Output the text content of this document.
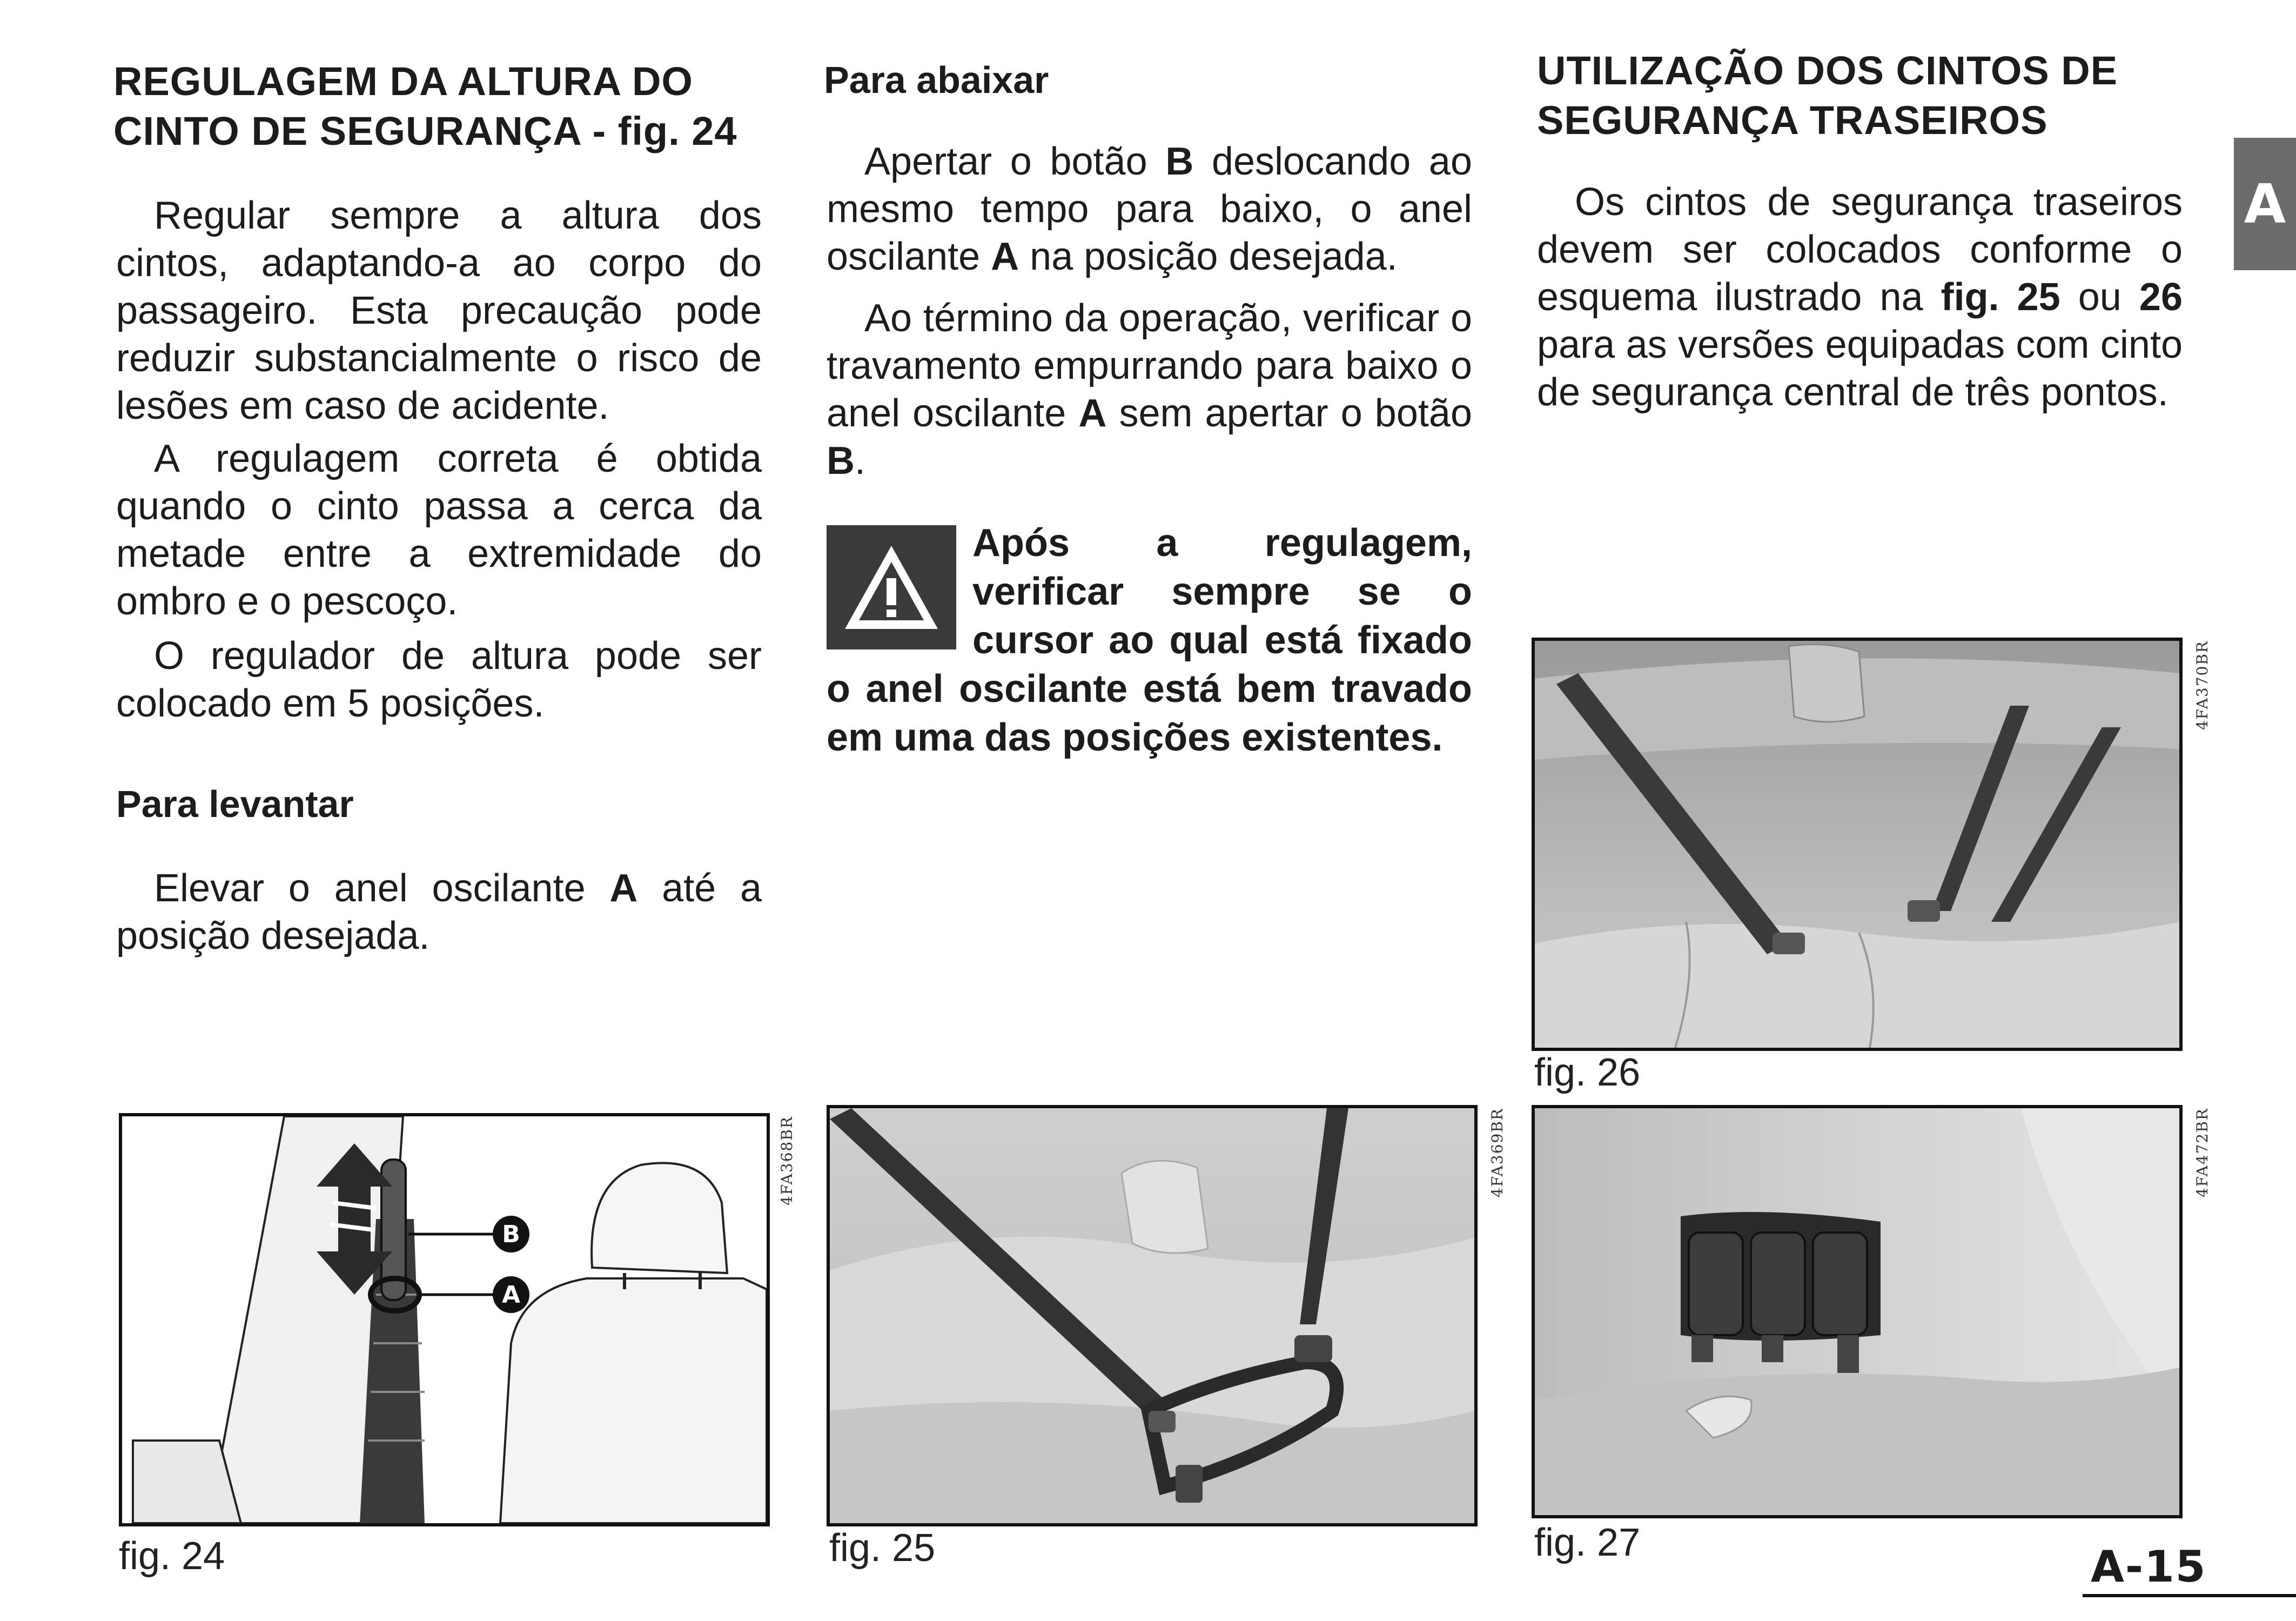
REGULAGEM DA ALTURA DO CINTO DE SEGURANÇA - fig. 24

Regular sempre a altura dos cintos, adaptando-a ao corpo do passageiro. Esta precaução pode reduzir substancialmente o risco de lesões em caso de acidente.

A regulagem correta é obtida quando o cinto passa a cerca da metade entre a extremidade do ombro e o pescoço.

O regulador de altura pode ser colocado em 5 posições.

Para levantar

Elevar o anel oscilante A até a posição desejada.

Para abaixar

Apertar o botão B deslocando ao mesmo tempo para baixo, o anel oscilante A na posição desejada.

Ao término da operação, verificar o travamento empurrando para baixo o anel oscilante A sem apertar o botão B.

Após a regulagem, verificar sempre se o cursor ao qual está fixado o anel oscilante está bem travado em uma das posições existentes.
UTILIZAÇÃO DOS CINTOS DE SEGURANÇA TRASEIROS

Os cintos de segurança traseiros devem ser colocados conforme o esquema ilustrado na fig. 25 ou 26 para as versões equipadas com cinto de segurança central de três pontos.

A
B
A

fig. 24

4FA368BR

fig. 25

4FA369BR

fig. 26

4FA370BR

fig. 27

4FA472BR
A-15
